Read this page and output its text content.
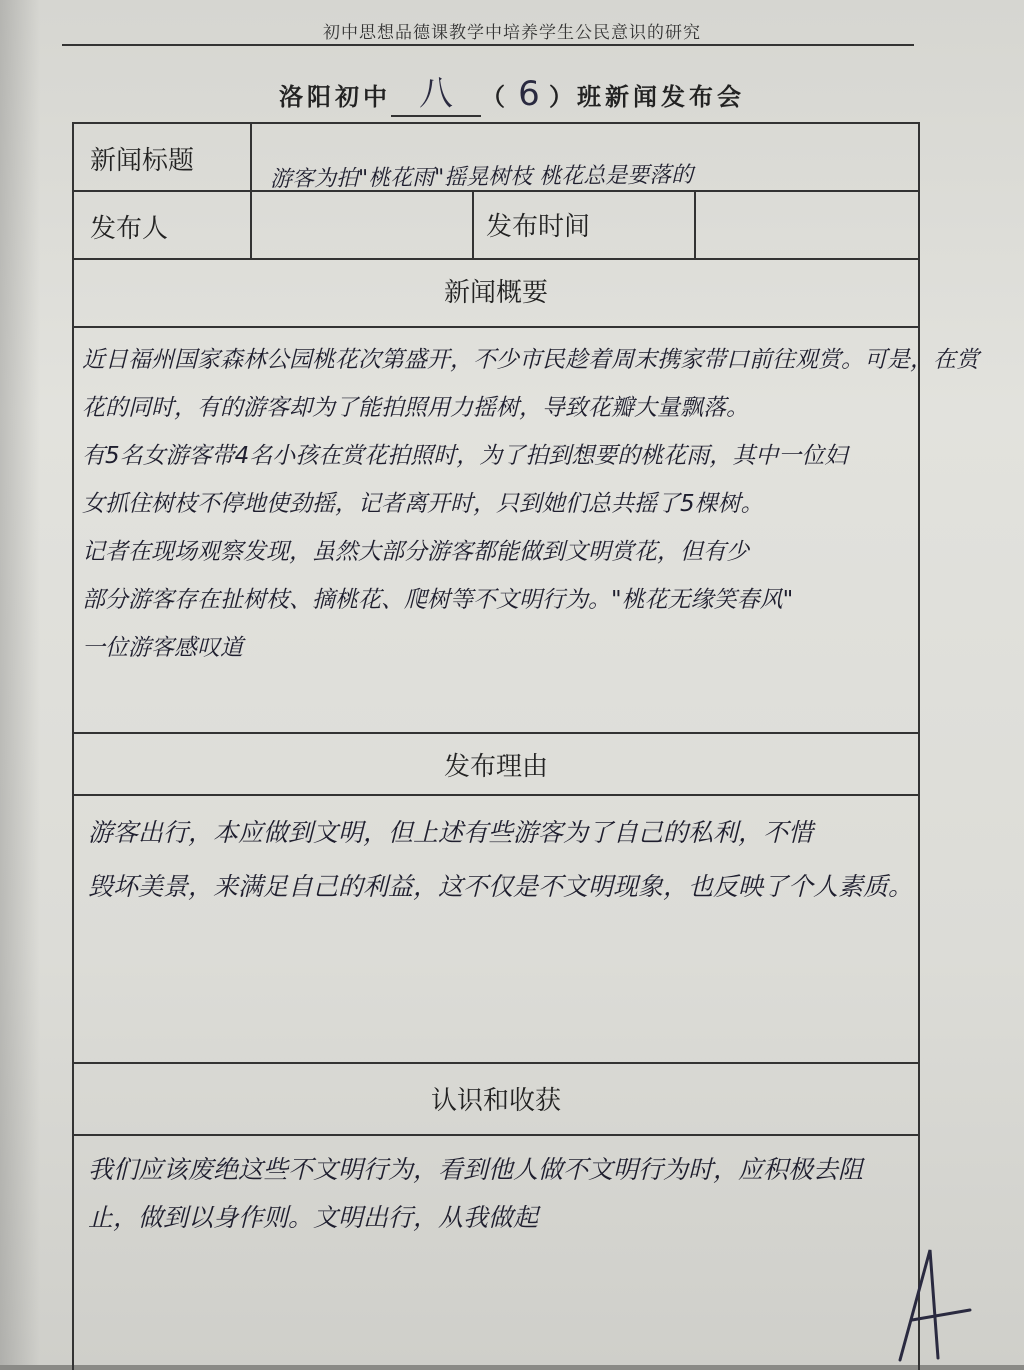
初中思想品德课教学中培养学生公民意识的研究
洛阳初中 八	（ 6 ） 班新闻发布会
新闻标题
游客为拍"桃花雨"摇晃树枝 桃花总是要落的
发布人	发布时间
新闻概要
近日福州国家森林公园桃花次第盛开，不少市民趁着周末携家带口前往观赏。可是，在赏
花的同时，有的游客却为了能拍照用力摇树，导致花瓣大量飘落。
有5名女游客带4名小孩在赏花拍照时，为了拍到想要的桃花雨，其中一位妇
女抓住树枝不停地使劲摇，记者离开时，只到她们总共摇了5棵树。
记者在现场观察发现，虽然大部分游客都能做到文明赏花，但有少
部分游客存在扯树枝、摘桃花、爬树等不文明行为。"桃花无缘笑春风"
一位游客感叹道
发布理由
游客出行，本应做到文明，但上述有些游客为了自己的私利，不惜
毁坏美景，来满足自己的利益，这不仅是不文明现象，也反映了个人素质。
认识和收获
我们应该废绝这些不文明行为，看到他人做不文明行为时，应积极去阻
止，做到以身作则。文明出行，从我做起
